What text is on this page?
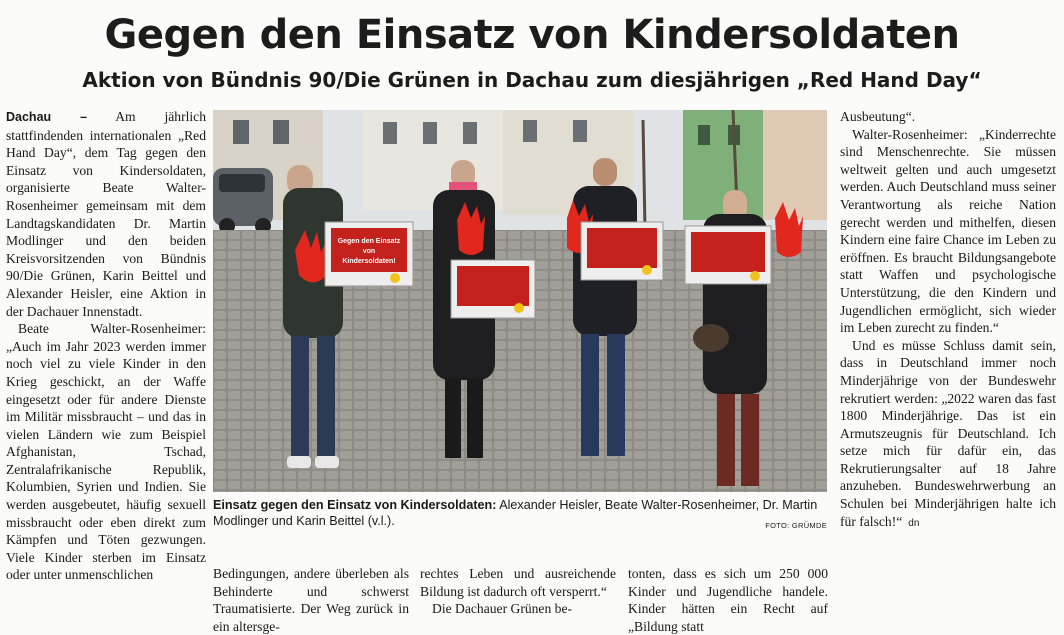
Gegen den Einsatz von Kindersoldaten
Aktion von Bündnis 90/Die Grünen in Dachau zum diesjährigen „Red Hand Day“

Dachau – Am jährlich stattfindenden internationalen „Red Hand Day“, dem Tag gegen den Einsatz von Kindersoldaten, organisierte Beate Walter-Rosenheimer gemeinsam mit dem Landtagskandidaten Dr. Martin Modlinger und den beiden Kreisvorsitzenden von Bündnis 90/Die Grünen, Karin Beittel und Alexander Heisler, eine Aktion in der Dachauer Innenstadt.

Beate Walter-Rosenheimer: „Auch im Jahr 2023 werden immer noch viel zu viele Kinder in den Krieg geschickt, an der Waffe eingesetzt oder für andere Dienste im Militär missbraucht – und das in vielen Ländern wie zum Beispiel Afghanistan, Tschad, Zentralafrikanische Republik, Kolumbien, Syrien und Indien. Sie werden ausgebeutet, häufig sexuell missbraucht oder eben direkt zum Kämpfen und Töten gezwungen. Viele Kinder sterben im Einsatz oder unter unmenschlichen

Gegen den Einsatz
von
Kindersoldaten!
Einsatz gegen den Einsatz von Kindersoldaten: Alexander Heisler, Beate Walter-Rosenheimer, Dr. Martin Modlinger und Karin Beittel (v.l.).	FOTO: GRÜMDE

Bedingungen, andere überleben als Behinderte und schwerst Traumatisierte. Der Weg zurück in ein altersge-

rechtes Leben und ausreichende Bildung ist dadurch oft versperrt.“

Die Dachauer Grünen be-

tonten, dass es sich um 250 000 Kinder und Jugendliche handele. Kinder hätten ein Recht auf „Bildung statt

Ausbeutung“.

Walter-Rosenheimer: „Kinderrechte sind Menschenrechte. Sie müssen weltweit gelten und auch umgesetzt werden. Auch Deutschland muss seiner Verantwortung als reiche Nation gerecht werden und mithelfen, diesen Kindern eine faire Chance im Leben zu eröffnen. Es braucht Bildungsangebote statt Waffen und psychologische Unterstützung, die den Kindern und Jugendlichen ermöglicht, sich wieder im Leben zurecht zu finden.“

Und es müsse Schluss damit sein, dass in Deutschland immer noch Minderjährige von der Bundeswehr rekrutiert werden: „2022 waren das fast 1800 Minderjährige. Das ist ein Armutszeugnis für Deutschland. Ich setze mich für dafür ein, das Rekrutierungsalter auf 18 Jahre anzuheben. Bundeswehrwerbung an Schulen bei Minderjährigen halte ich für falsch!“ dn
